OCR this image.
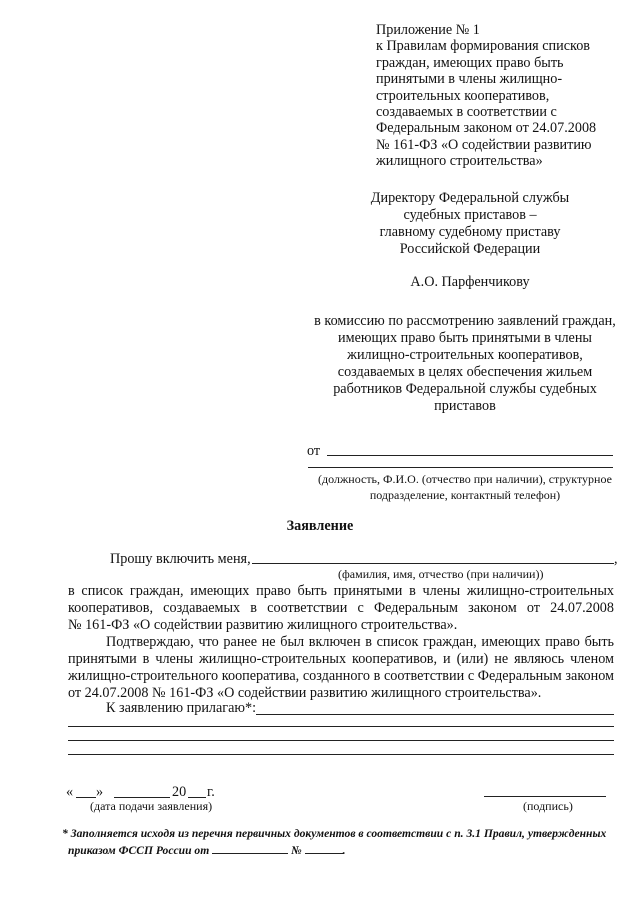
Приложение № 1
к Правилам формирования списков
граждан, имеющих право быть
принятыми в члены жилищно-
строительных кооперативов,
создаваемых в соответствии с
Федеральным законом от 24.07.2008
№ 161-ФЗ «О содействии развитию
жилищного строительства»
Директору Федеральной службы
судебных приставов –
главному судебному приставу
Российской Федерации
А.О. Парфенчикову
в комиссию по рассмотрению заявлений граждан,
имеющих право быть принятыми в члены
жилищно-строительных кооперативов,
создаваемых в целях обеспечения жильем
работников Федеральной службы судебных
приставов
от
(должность, Ф.И.О. (отчество при наличии), структурное
подразделение, контактный телефон)
Заявление
Прошу включить меня,	,
(фамилия, имя, отчество (при наличии))
в список граждан, имеющих право быть принятыми в члены жилищно-строительных
кооперативов, создаваемых в соответствии с Федеральным законом от 24.07.2008
№ 161-ФЗ «О содействии развитию жилищного строительства».
Подтверждаю, что ранее не был включен в список граждан, имеющих право быть
принятыми в члены жилищно-строительных кооперативов, и (или) не являюсь членом
жилищно-строительного кооператива, созданного в соответствии с Федеральным законом
от 24.07.2008 № 161-ФЗ «О содействии развитию жилищного строительства».
К заявлению прилагаю*:
« »	20 г.
(дата подачи заявления)	(подпись)
* Заполняется исходя из перечня первичных документов в соответствии с п. 3.1 Правил, утвержденных
приказом ФССП России от	№	.
